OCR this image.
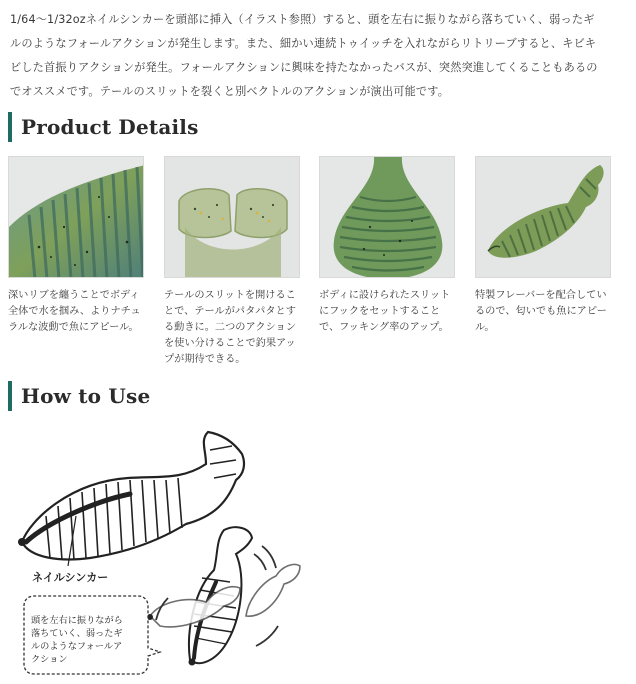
1/64〜1/32ozネイルシンカーを頭部に挿入（イラスト参照）すると、頭を左右に振りながら落ちていく、弱ったギ

ルのようなフォールアクションが発生します。また、細かい連続トゥイッチを入れながらリトリーブすると、キビキ

ビした首振りアクションが発生。フォールアクションに興味を持たなかったバスが、突然突進してくることもあるの

でオススメです。テールのスリットを裂くと別ベクトルのアクションが演出可能です。

Product Details
深いリブを纏うことでボディ全体で水を掴み、よりナチュラルな波動で魚にアピール。
テールのスリットを開けることで、テールがパタパタとする動きに。二つのアクションを使い分けることで釣果アップが期待できる。
ボディに設けられたスリットにフックをセットすることで、フッキング率のアップ。
特製フレーバーを配合しているので、匂いでも魚にアピール。
How to Use
ネイルシンカー
頭を左右に振りながら落ちていく、弱ったギルのようなフォールアクション
